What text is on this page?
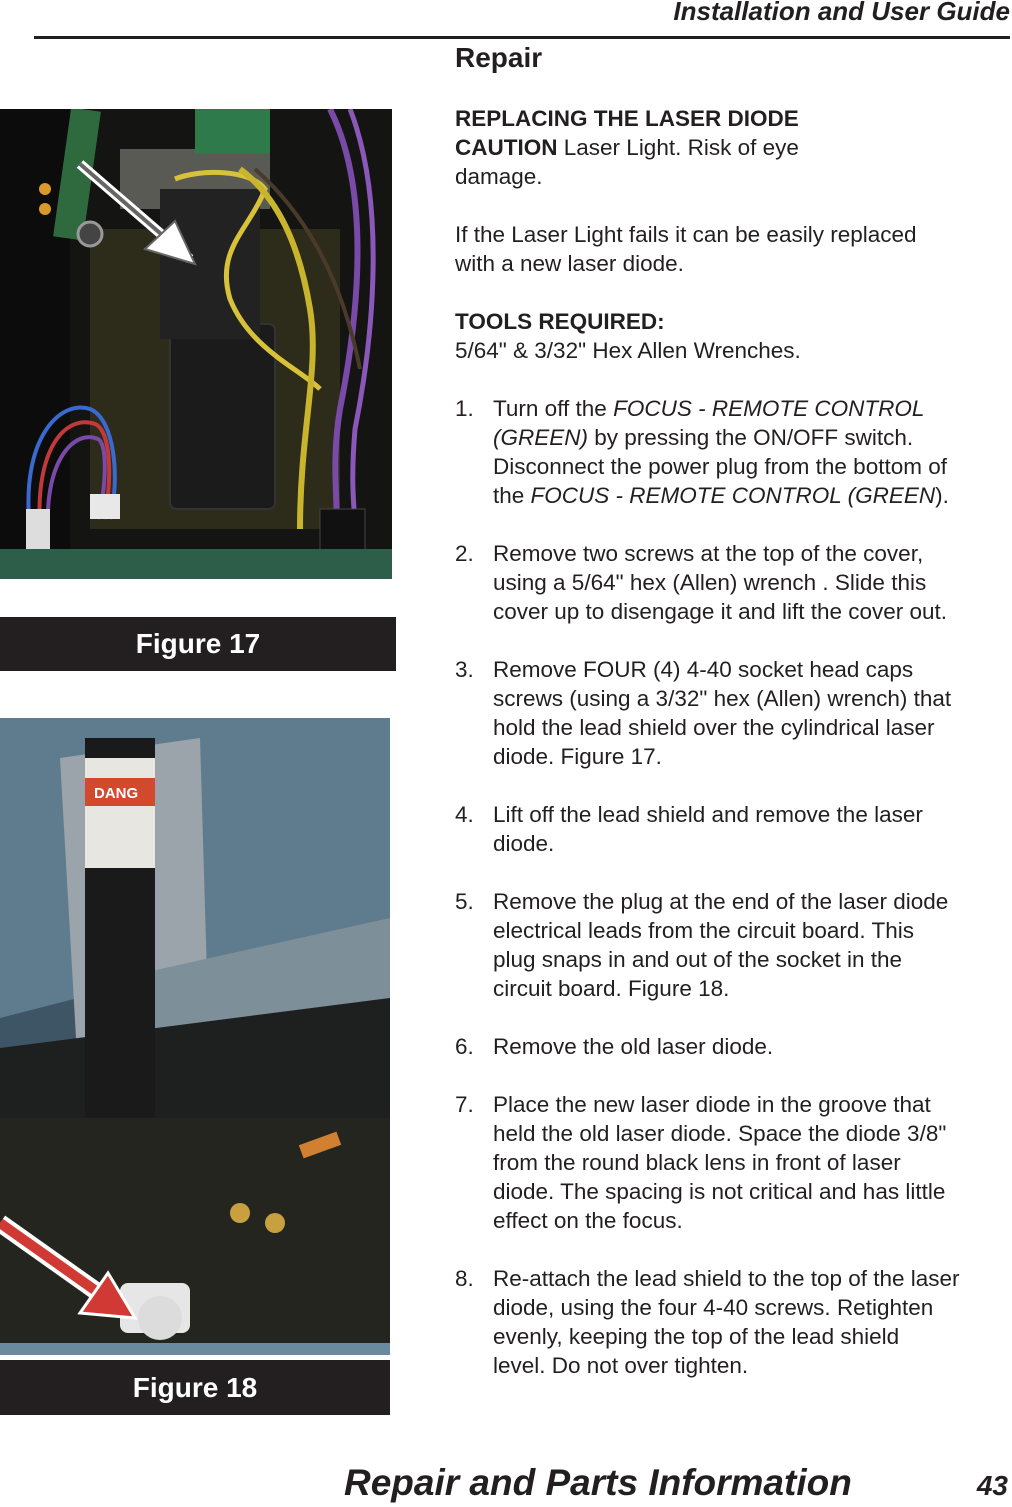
Installation and User Guide
Repair
Figure 17
DANG
Figure 18

REPLACING THE LASER DIODE

CAUTION Laser Light. Risk of eye

damage.

If the Laser Light fails it can be easily replaced

with a new laser diode.

TOOLS REQUIRED:

5/64" & 3/32" Hex Allen Wrenches.

1. Turn off the FOCUS - REMOTE CONTROL

(GREEN) by pressing the ON/OFF switch.

Disconnect the power plug from the bottom of

the FOCUS - REMOTE CONTROL (GREEN).

2. Remove two screws at the top of the cover,

using a 5/64" hex (Allen) wrench . Slide this

cover up to disengage it and lift the cover out.

3. Remove FOUR (4) 4-40 socket head caps

screws (using a 3/32" hex (Allen) wrench) that

hold the lead shield over the cylindrical laser

diode. Figure 17.

4. Lift off the lead shield and remove the laser

diode.

5. Remove the plug at the end of the laser diode

electrical leads from the circuit board. This

plug snaps in and out of the socket in the

circuit board. Figure 18.

6. Remove the old laser diode.

7. Place the new laser diode in the groove that

held the old laser diode. Space the diode 3/8"

from the round black lens in front of laser

diode. The spacing is not critical and has little

effect on the focus.

8. Re-attach the lead shield to the top of the laser

diode, using the four 4-40 screws. Retighten

evenly, keeping the top of the lead shield

level. Do not over tighten.

Repair and Parts Information	43
